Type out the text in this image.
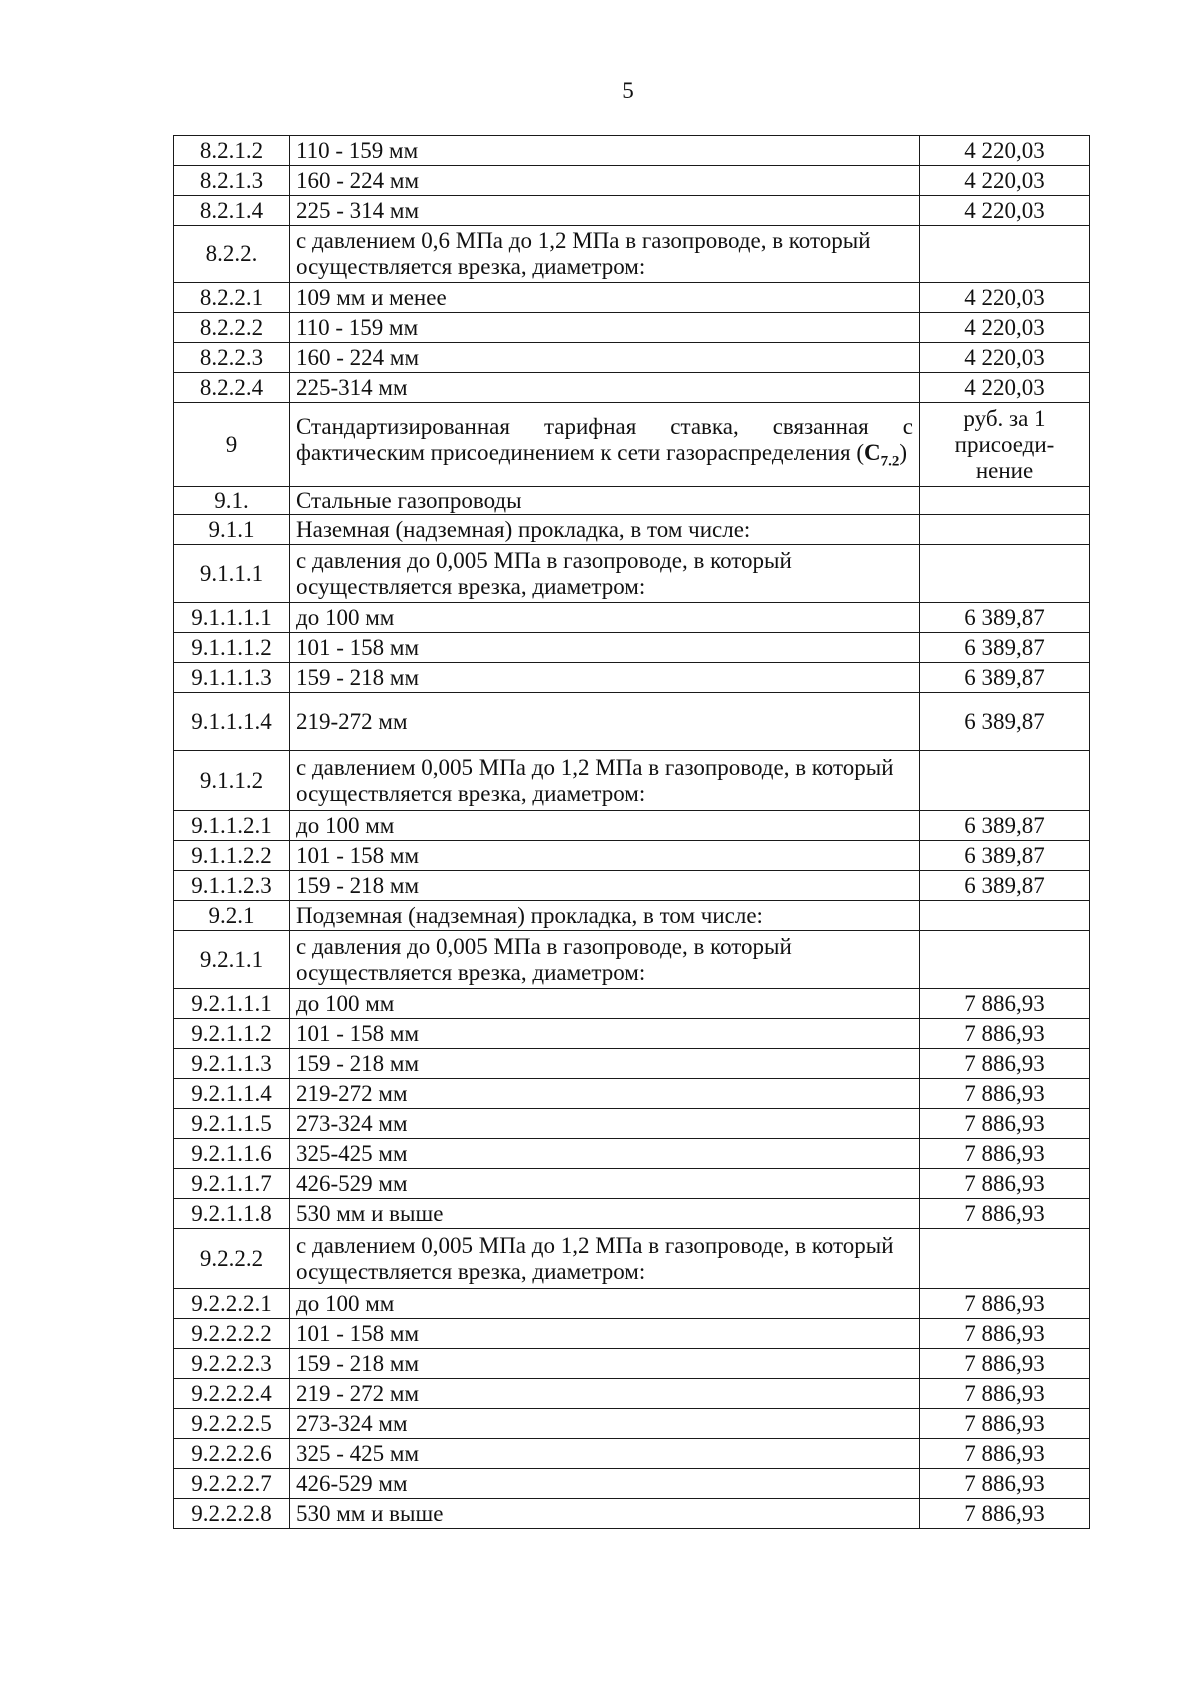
5
8.2.1.2	110 - 159 мм	4 220,03
8.2.1.3	160 - 224 мм	4 220,03
8.2.1.4	225 - 314 мм	4 220,03
8.2.2.	с давлением 0,6 МПа до 1,2 МПа в газопроводе, в который осуществляется врезка, диаметром:	
8.2.2.1	109 мм и менее	4 220,03
8.2.2.2	110 - 159 мм	4 220,03
8.2.2.3	160 - 224 мм	4 220,03
8.2.2.4	225-314 мм	4 220,03
9	Стандартизированная тарифная ставка, связанная с фактическим присоединением к сети газораспределения $(C_{7.2})$	руб. за 1 присоеди-нение
9.1.	Стальные газопроводы	
9.1.1	Наземная (надземная) прокладка, в том числе:	
9.1.1.1	с давления до 0,005 МПа в газопроводе, в который осуществляется врезка, диаметром:	
9.1.1.1.1	до 100 мм	6 389,87
9.1.1.1.2	101 - 158 мм	6 389,87
9.1.1.1.3	159 - 218 мм	6 389,87
9.1.1.1.4	219-272 мм	6 389,87
9.1.1.2	с давлением 0,005 МПа до 1,2 МПа в газопроводе, в который осуществляется врезка, диаметром:	
9.1.1.2.1	до 100 мм	6 389,87
9.1.1.2.2	101 - 158 мм	6 389,87
9.1.1.2.3	159 - 218 мм	6 389,87
9.2.1	Подземная (надземная) прокладка, в том числе:	
9.2.1.1	с давления до 0,005 МПа в газопроводе, в который осуществляется врезка, диаметром:	
9.2.1.1.1	до 100 мм	7 886,93
9.2.1.1.2	101 - 158 мм	7 886,93
9.2.1.1.3	159 - 218 мм	7 886,93
9.2.1.1.4	219-272 мм	7 886,93
9.2.1.1.5	273-324 мм	7 886,93
9.2.1.1.6	325-425 мм	7 886,93
9.2.1.1.7	426-529 мм	7 886,93
9.2.1.1.8	530 мм и выше	7 886,93
9.2.2.2	с давлением 0,005 МПа до 1,2 МПа в газопроводе, в который осуществляется врезка, диаметром:	
9.2.2.2.1	до 100 мм	7 886,93
9.2.2.2.2	101 - 158 мм	7 886,93
9.2.2.2.3	159 - 218 мм	7 886,93
9.2.2.2.4	219 - 272 мм	7 886,93
9.2.2.2.5	273-324 мм	7 886,93
9.2.2.2.6	325 - 425 мм	7 886,93
9.2.2.2.7	426-529 мм	7 886,93
9.2.2.2.8	530 мм и выше	7 886,93
